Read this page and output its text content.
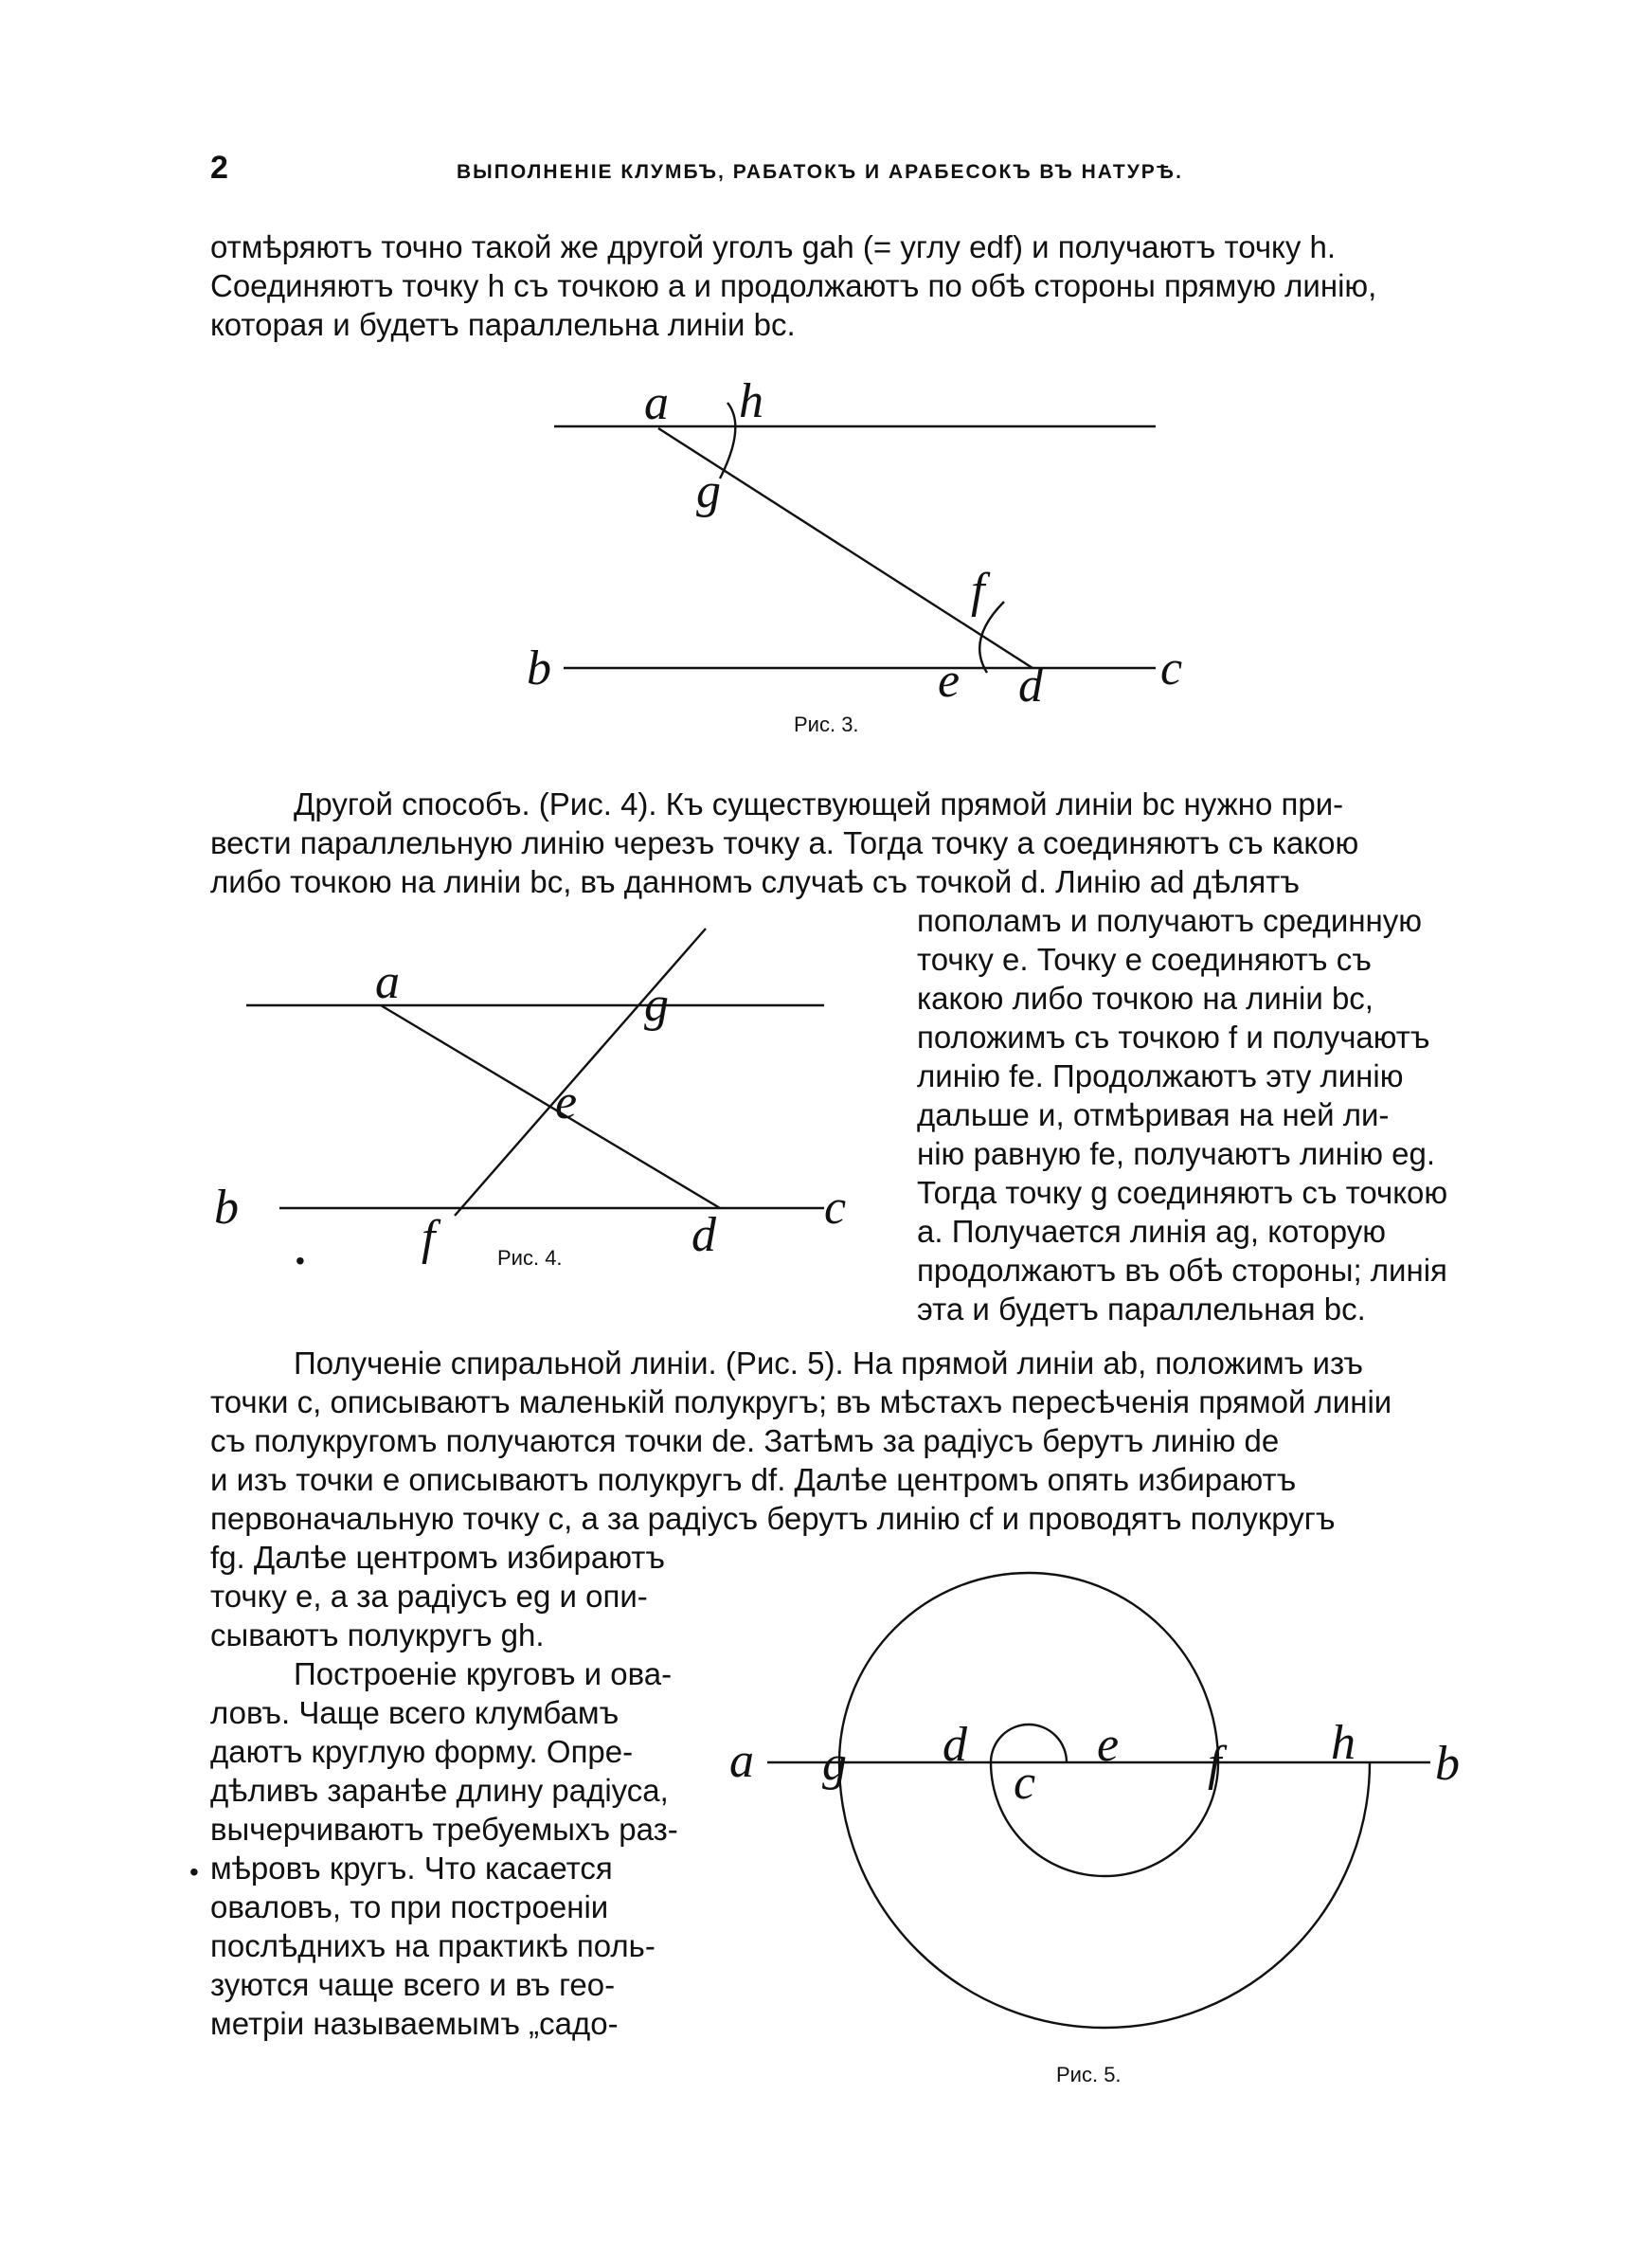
2	ВЫПОЛНЕНІЕ КЛУМБЪ, РАБАТОКЪ И АРАБЕСОКЪ ВЪ НАТУРѢ.
отмѣряютъ точно такой же другой уголъ gah (= углу edf) и получаютъ точку h.
Соединяютъ точку h съ точкою a и продолжаютъ по обѣ стороны прямую линію,
которая и будетъ параллельна линіи bc.
a h
g
f
b	e d c
Рис. 3.
Другой способъ. (Рис. 4). Къ существующей прямой линіи bc нужно при-
вести параллельную линію черезъ точку a. Тогда точку a соединяютъ съ какою
либо точкою на линіи bc, въ данномъ случаѣ съ точкой d. Линію ad дѣлятъ
пополамъ и получаютъ срединную
точку e. Точку e соединяютъ съ
какою либо точкою на линіи bc,
положимъ съ точкою f и получаютъ
линію fe. Продолжаютъ эту линію
дальше и, отмѣривая на ней ли-
нію равную fe, получаютъ линію eg.
Тогда точку g соединяютъ съ точкою
a. Получается линія ag, которую
продолжаютъ въ обѣ стороны; линія
эта и будетъ параллельная bc.
a	g
e
b
f	d
c
•	Рис. 4.
Полученіе спиральной линіи. (Рис. 5). На прямой линіи ab, положимъ изъ
точки c, описываютъ маленькій полукругъ; въ мѣстахъ пересѣченія прямой линіи
съ полукругомъ получаются точки de. Затѣмъ за радіусъ берутъ линію de
и изъ точки e описываютъ полукругъ df. Далѣе центромъ опять избираютъ
первоначальную точку c, а за радіусъ берутъ линію cf и проводятъ полукругъ
fg. Далѣе центромъ избираютъ
точку e, а за радіусъ eg и опи-
сываютъ полукругъ gh.
Построеніе круговъ и ова-
ловъ. Чаще всего клумбамъ
даютъ круглую форму. Опре-
дѣливъ заранѣе длину радіуса,
вычерчиваютъ требуемыхъ раз-
мѣровъ кругъ. Что касается
оваловъ, то при построеніи
послѣднихъ на практикѣ поль-
зуются чаще всего и въ гео-
метріи называемымъ „садо-
•
a g d
c
e f h b
Рис. 5.
